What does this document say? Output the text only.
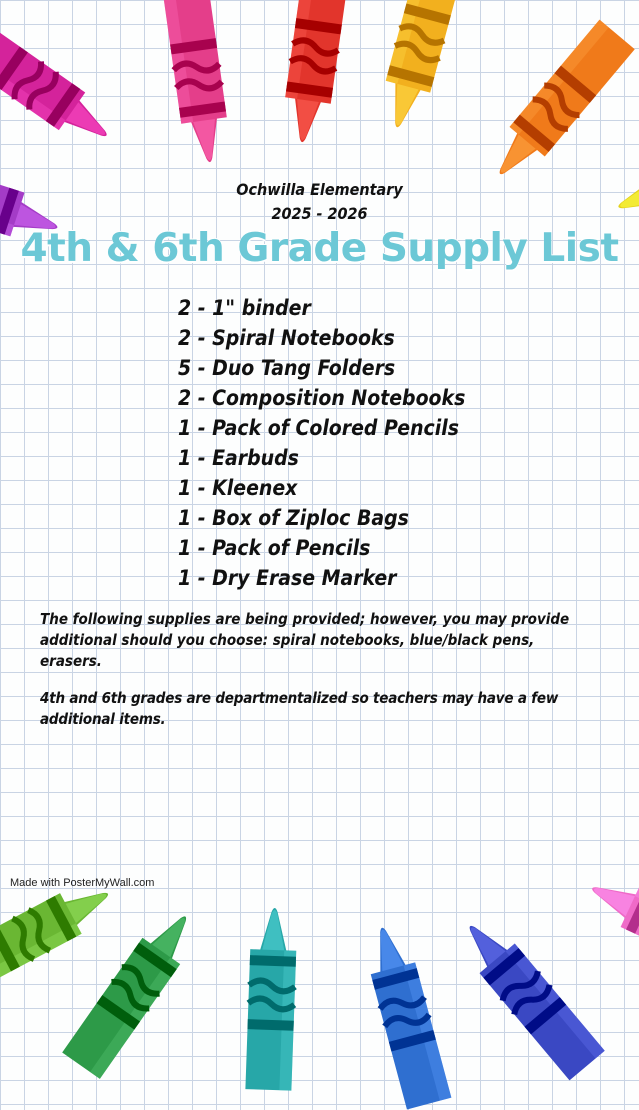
Ochwilla Elementary
2025 - 2026
4th & 6th Grade Supply List
2 - 1" binder
2 - Spiral Notebooks
5 - Duo Tang Folders
2 - Composition Notebooks
1 - Pack of Colored Pencils
1 - Earbuds
1 - Kleenex
1 - Box of Ziploc Bags
1 - Pack of Pencils
1 - Dry Erase Marker

The following supplies are being provided; however, you may provide additional should you choose: spiral notebooks, blue/black pens, erasers.

4th and 6th grades are departmentalized so teachers may have a few additional items.

Made with PosterMyWall.com
